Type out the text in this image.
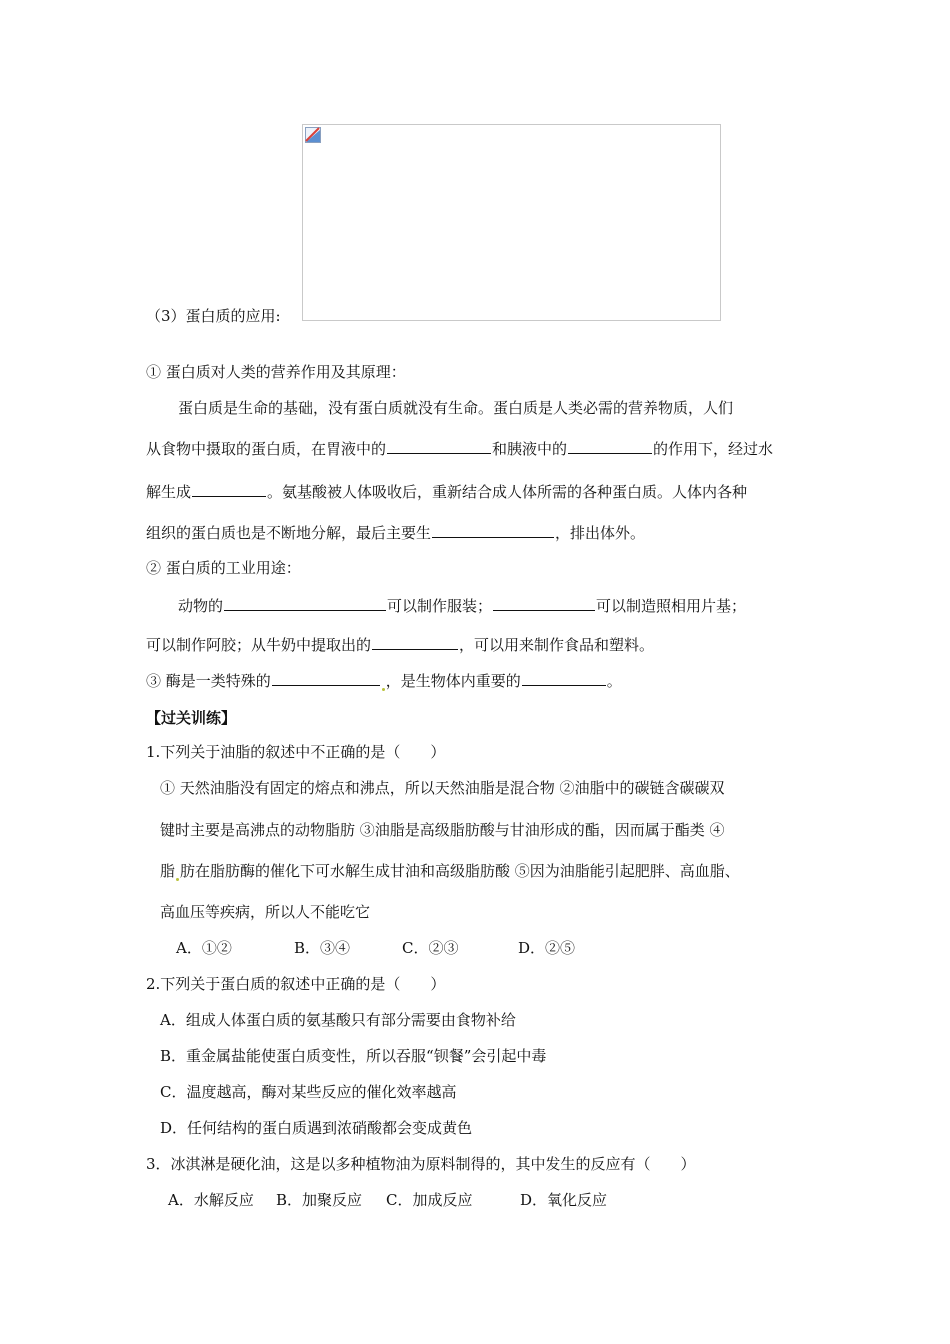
（3）蛋白质的应用:
① 蛋白质对人类的营养作用及其原理：
蛋白质是生命的基础，没有蛋白质就没有生命。蛋白质是人类必需的营养物质，人们
从食物中摄取的蛋白质，在胃液中的	和胰液中的	的作用下，经过水
解生成	。氨基酸被人体吸收后，重新结合成人体所需的各种蛋白质。人体内各种
组织的蛋白质也是不断地分解，最后主要生	，排出体外。
② 蛋白质的工业用途：
动物的	可以制作服装；	可以制造照相用片基；
可以制作阿胶；从牛奶中提取出的	，可以用来制作食品和塑料。
③ 酶是一类特殊的	，是生物体内重要的	。
【过关训练】
1.下列关于油脂的叙述中不正确的是（　　）
① 天然油脂没有固定的熔点和沸点，所以天然油脂是混合物 ②油脂中的碳链含碳碳双
键时主要是高沸点的动物脂肪 ③油脂是高级脂肪酸与甘油形成的酯，因而属于酯类 ④
脂 肪在脂肪酶的催化下可水解生成甘油和高级脂肪酸 ⑤因为油脂能引起肥胖、高血脂、
高血压等疾病，所以人不能吃它
A．①②	B．③④	C．②③	D．②⑤
2.下列关于蛋白质的叙述中正确的是（　　）
A．组成人体蛋白质的氨基酸只有部分需要由食物补给
B．重金属盐能使蛋白质变性，所以吞服“钡餐”会引起中毒
C．温度越高，酶对某些反应的催化效率越高
D．任何结构的蛋白质遇到浓硝酸都会变成黄色
3．冰淇淋是硬化油，这是以多种植物油为原料制得的，其中发生的反应有（　　）
A．水解反应 B．加聚反应 C．加成反应	D．氧化反应
